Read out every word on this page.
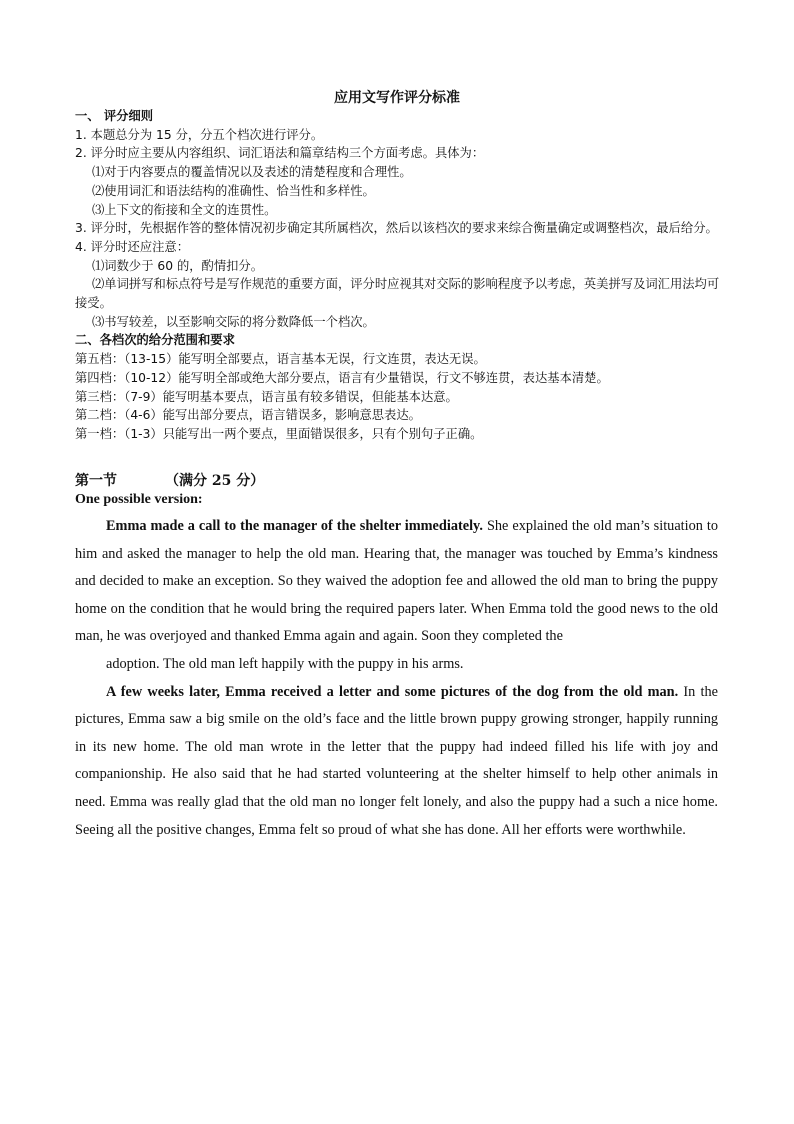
应用文写作评分标准
一、 评分细则
1. 本题总分为 15 分，分五个档次进行评分。
2. 评分时应主要从内容组织、词汇语法和篇章结构三个方面考虑。具体为：
⑴对于内容要点的覆盖情况以及表述的清楚程度和合理性。
⑵使用词汇和语法结构的准确性、恰当性和多样性。
⑶上下文的衔接和全文的连贯性。
3. 评分时，先根据作答的整体情况初步确定其所属档次，然后以该档次的要求来综合衡量确定或调整档次，最后给分。
4. 评分时还应注意：
⑴词数少于 60 的，酌情扣分。
⑵单词拼写和标点符号是写作规范的重要方面，评分时应视其对交际的影响程度予以考虑，英美拼写及词汇用法均可接受。
⑶书写较差，以至影响交际的将分数降低一个档次。
二、各档次的给分范围和要求
第五档：（13-15）能写明全部要点，语言基本无误，行文连贯，表达无误。
第四档：（10-12）能写明全部或绝大部分要点，语言有少量错误，行文不够连贯，表达基本清楚。
第三档：（7-9）能写明基本要点，语言虽有较多错误，但能基本达意。
第二档：（4-6）能写出部分要点，语言错误多，影响意思表达。
第一档：（1-3）只能写出一两个要点，里面错误很多，只有个别句子正确。
第一节	（满分 25 分）
One possible version:

Emma made a call to the manager of the shelter immediately. She explained the old man’s situation to him and asked the manager to help the old man. Hearing that, the manager was touched by Emma’s kindness and decided to make an exception. So they waived the adoption fee and allowed the old man to bring the puppy home on the condition that he would bring the required papers later. When Emma told the good news to the old man, he was overjoyed and thanked Emma again and again. Soon they completed the

adoption. The old man left happily with the puppy in his arms.

A few weeks later, Emma received a letter and some pictures of the dog from the old man. In the pictures, Emma saw a big smile on the old’s face and the little brown puppy growing stronger, happily running in its new home. The old man wrote in the letter that the puppy had indeed filled his life with joy and companionship. He also said that he had started volunteering at the shelter himself to help other animals in need. Emma was really glad that the old man no longer felt lonely, and also the puppy had a such a nice home. Seeing all the positive changes, Emma felt so proud of what she has done. All her efforts were worthwhile.
